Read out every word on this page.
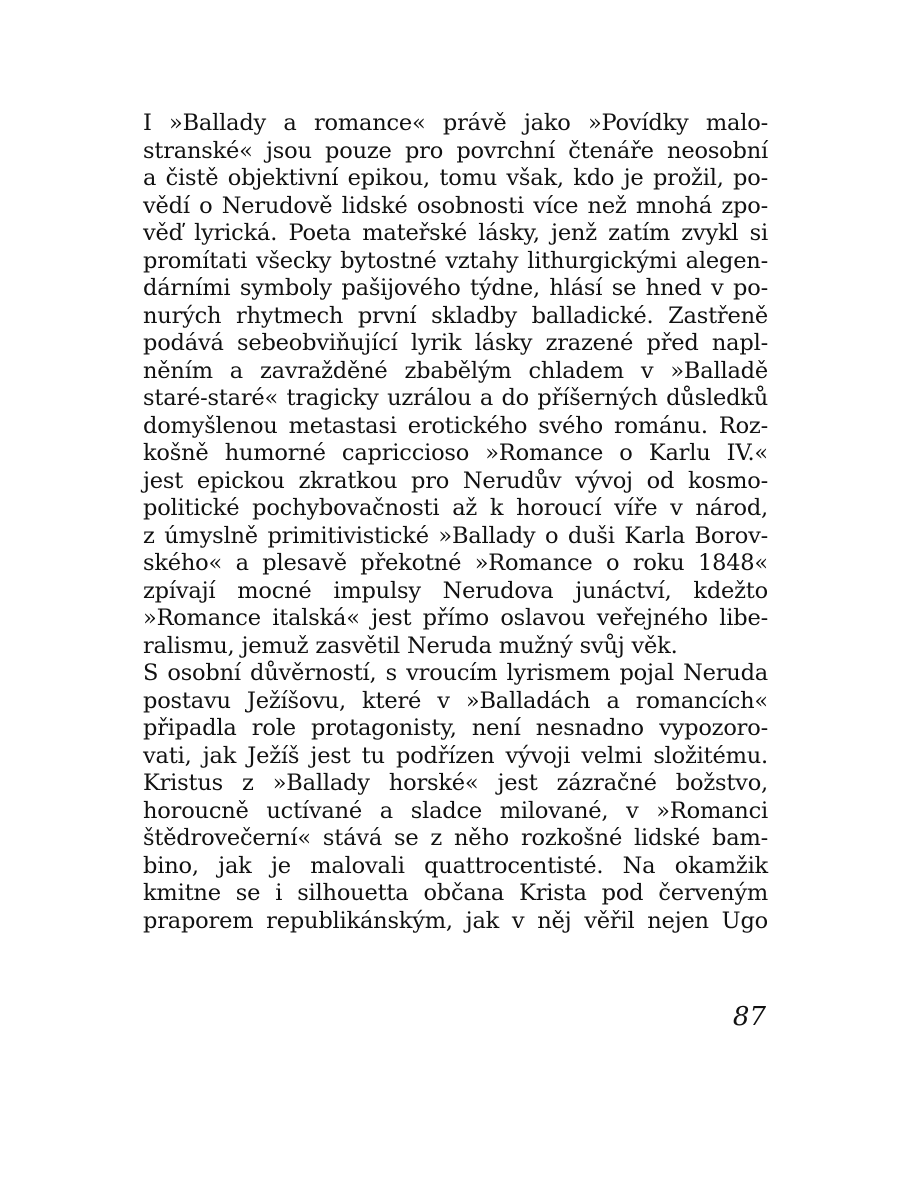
I »Ballady a romance« právě jako »Povídky malo-
stranské« jsou pouze pro povrchní čtenáře neosobní
a čistě objektivní epikou, tomu však, kdo je prožil, po-
vědí o Nerudově lidské osobnosti více než mnohá zpo-
věď lyrická. Poeta mateřské lásky, jenž zatím zvykl si
promítati všecky bytostné vztahy lithurgickými alegen-
dárními symboly pašijového týdne, hlásí se hned v po-
nurých rhytmech první skladby balladické. Zastřeně
podává sebeobviňující lyrik lásky zrazené před napl-
něním a zavražděné zbabělým chladem v »Balladě
staré-staré« tragicky uzrálou a do příšerných důsledků
domyšlenou metastasi erotického svého románu. Roz-
košně humorné capriccioso »Romance o Karlu IV.«
jest epickou zkratkou pro Nerudův vývoj od kosmo-
politické pochybovačnosti až k horoucí víře v národ,
z úmyslně primitivistické »Ballady o duši Karla Borov-
ského« a plesavě překotné »Romance o roku 1848«
zpívají mocné impulsy Nerudova junáctví, kdežto
»Romance italská« jest přímo oslavou veřejného libe-
ralismu, jemuž zasvětil Neruda mužný svůj věk.
S osobní důvěrností, s vroucím lyrismem pojal Neruda
postavu Ježíšovu, které v »Balladách a romancích«
připadla role protagonisty, není nesnadno vypozoro-
vati, jak Ježíš jest tu podřízen vývoji velmi složitému.
Kristus z »Ballady horské« jest zázračné božstvo,
horoucně uctívané a sladce milované, v »Romanci
štědrovečerní« stává se z něho rozkošné lidské bam-
bino, jak je malovali quattrocentisté. Na okamžik
kmitne se i silhouetta občana Krista pod červeným
praporem republikánským, jak v něj věřil nejen Ugo
87
